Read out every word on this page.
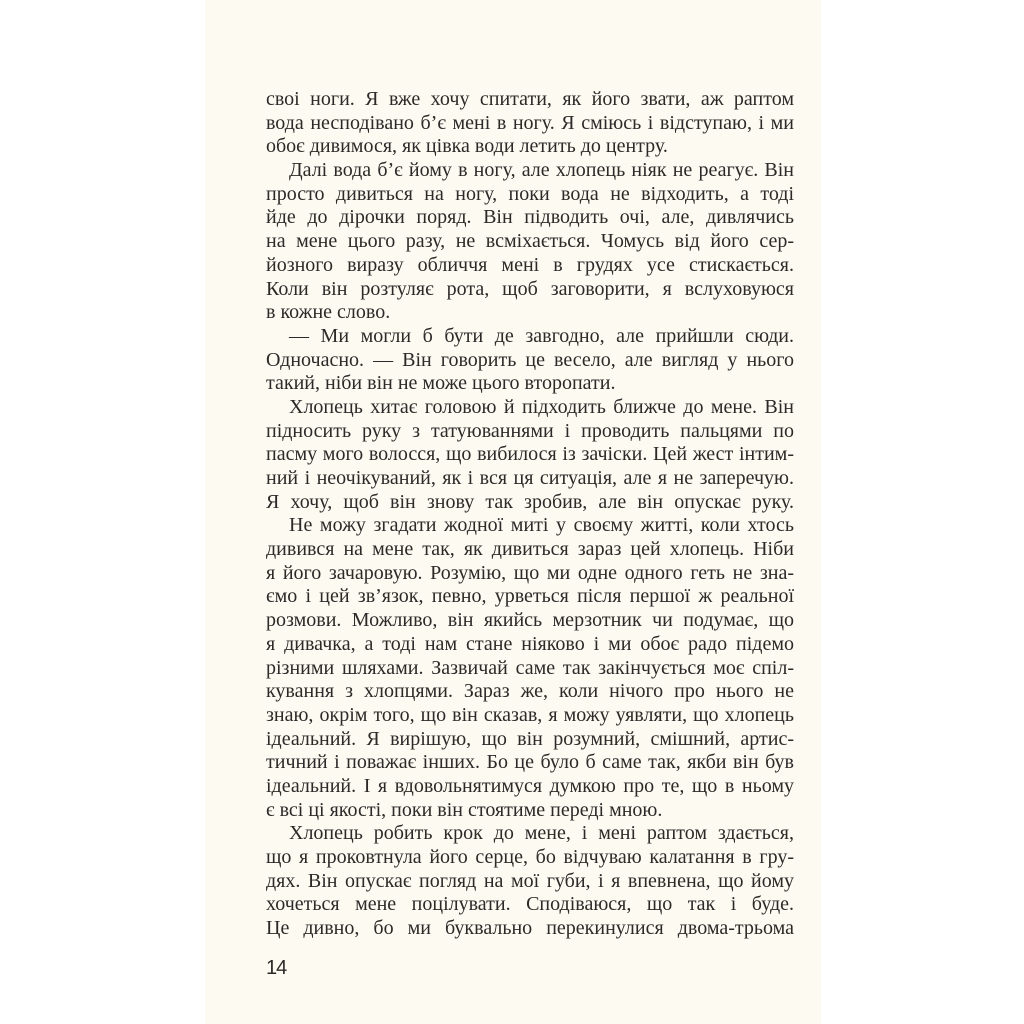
своі ноги. Я вже хочу спитати, як його звати, аж раптом
вода несподівано б’є мені в ногу. Я сміюсь і відступаю, і ми
обоє дивимося, як цівка води летить до центру.
Далі вода б’є йому в ногу, але хлопець ніяк не реагує. Він
просто дивиться на ногу, поки вода не відходить, а тоді
йде до дірочки поряд. Він підводить очі, але, дивлячись
на мене цього разу, не всміхається. Чомусь від його сер-
йозного виразу обличчя мені в грудях усе стискається.
Коли він розтуляє рота, щоб заговорити, я вслуховуюся
в кожне слово.
— Ми могли б бути де завгодно, але прийшли сюди.
Одночасно. — Він говорить це весело, але вигляд у нього
такий, ніби він не може цього второпати.
Хлопець хитає головою й підходить ближче до мене. Він
підносить руку з татуюваннями і проводить пальцями по
пасму мого волосся, що вибилося із зачіски. Цей жест інтим-
ний і неочікуваний, як і вся ця ситуація, але я не заперечую.
Я хочу, щоб він знову так зробив, але він опускає руку.
Не можу згадати жодної миті у своєму житті, коли хтось
дивився на мене так, як дивиться зараз цей хлопець. Ніби
я його зачаровую. Розумію, що ми одне одного геть не зна-
ємо і цей зв’язок, певно, урветься після першої ж реальної
розмови. Можливо, він якийсь мерзотник чи подумає, що
я дивачка, а тоді нам стане ніяково і ми обоє радо підемо
різними шляхами. Зазвичай саме так закінчується моє спіл-
кування з хлопцями. Зараз же, коли нічого про нього не
знаю, окрім того, що він сказав, я можу уявляти, що хлопець
ідеальний. Я вирішую, що він розумний, смішний, артис-
тичний і поважає інших. Бо це було б саме так, якби він був
ідеальний. І я вдовольнятимуся думкою про те, що в ньому
є всі ці якості, поки він стоятиме переді мною.
Хлопець робить крок до мене, і мені раптом здається,
що я проковтнула його серце, бо відчуваю калатання в гру-
дях. Він опускає погляд на мої губи, і я впевнена, що йому
хочеться мене поцілувати. Сподіваюся, що так і буде.
Це дивно, бо ми буквально перекинулися двома-трьома
14
